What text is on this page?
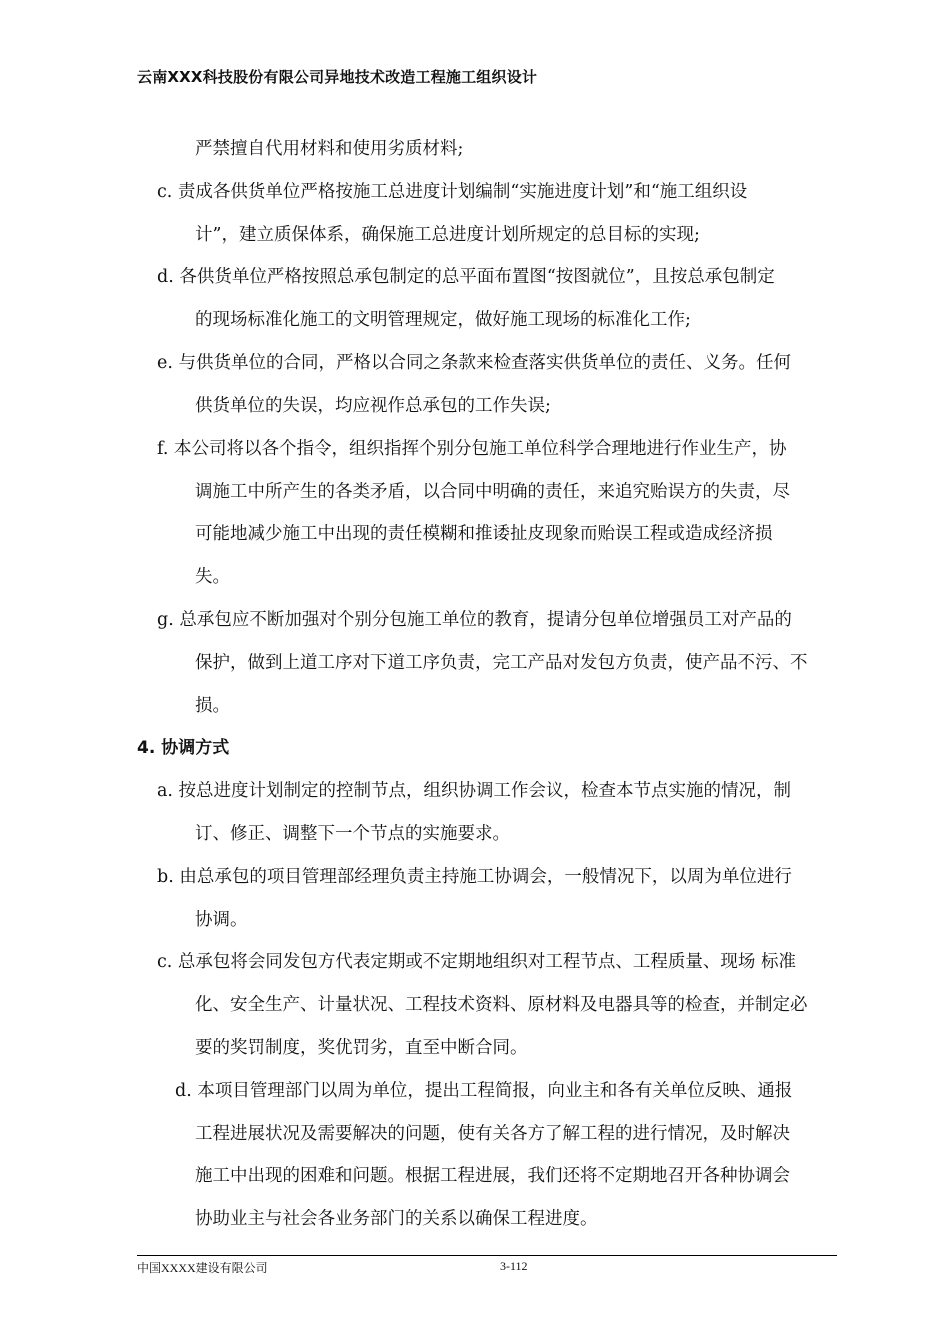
云南XXX科技股份有限公司异地技术改造工程施工组织设计
严禁擅自代用材料和使用劣质材料;
c. 责成各供货单位严格按施工总进度计划编制“实施进度计划”和“施工组织设
计”，建立质保体系，确保施工总进度计划所规定的总目标的实现;
d. 各供货单位严格按照总承包制定的总平面布置图“按图就位”，且按总承包制定
的现场标准化施工的文明管理规定，做好施工现场的标准化工作;
e. 与供货单位的合同，严格以合同之条款来检查落实供货单位的责任、义务。任何
供货单位的失误，均应视作总承包的工作失误;
f. 本公司将以各个指令，组织指挥个别分包施工单位科学合理地进行作业生产，协
调施工中所产生的各类矛盾，以合同中明确的责任，来追究贻误方的失责，尽
可能地减少施工中出现的责任模糊和推诿扯皮现象而贻误工程或造成经济损
失。
g. 总承包应不断加强对个别分包施工单位的教育，提请分包单位增强员工对产品的
保护，做到上道工序对下道工序负责，完工产品对发包方负责，使产品不污、不
损。
4. 协调方式
a. 按总进度计划制定的控制节点，组织协调工作会议，检查本节点实施的情况，制
订、修正、调整下一个节点的实施要求。
b. 由总承包的项目管理部经理负责主持施工协调会，一般情况下，以周为单位进行
协调。
c. 总承包将会同发包方代表定期或不定期地组织对工程节点、工程质量、现场 标准
化、安全生产、计量状况、工程技术资料、原材料及电器具等的检查，并制定必
要的奖罚制度，奖优罚劣，直至中断合同。
d. 本项目管理部门以周为单位，提出工程简报，向业主和各有关单位反映、通报
工程进展状况及需要解决的问题，使有关各方了解工程的进行情况，及时解决
施工中出现的困难和问题。根据工程进展，我们还将不定期地召开各种协调会
协助业主与社会各业务部门的关系以确保工程进度。
中国XXXX建设有限公司	3-112
